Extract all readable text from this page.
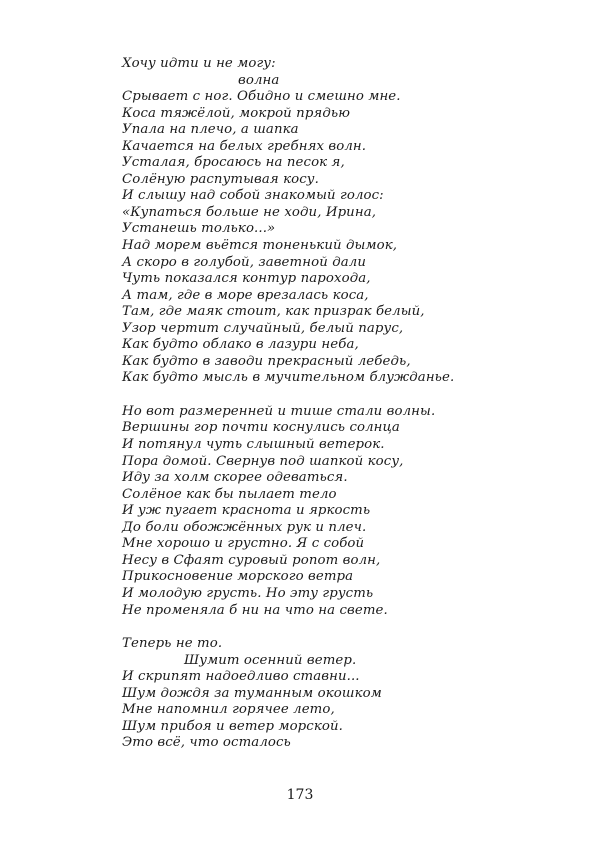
Хочу идти и не могу:
волна
Срывает с ног. Обидно и смешно мне.
Коса тяжёлой, мокрой прядью
Упала на плечо, а шапка
Качается на белых гребнях волн.
Усталая, бросаюсь на песок я,
Солёную распутывая косу.
И слышу над собой знакомый голос:
«Купаться больше не ходи, Ирина,
Устанешь только...»
Над морем вьётся тоненький дымок,
А скоро в голубой, заветной дали
Чуть показался контур парохода,
А там, где в море врезалась коса,
Там, где маяк стоит, как призрак белый,
Узор чертит случайный, белый парус,
Как будто облако в лазури неба,
Как будто в заводи прекрасный лебедь,
Как будто мысль в мучительном блужданье.
Но вот размеренней и тише стали волны.
Вершины гор почти коснулись солнца
И потянул чуть слышный ветерок.
Пора домой. Свернув под шапкой косу,
Иду за холм скорее одеваться.
Солёное как бы пылает тело
И уж пугает краснота и яркость
До боли обожжённых рук и плеч.
Мне хорошо и грустно. Я с собой
Несу в Сфаят суровый ропот волн,
Прикосновение морского ветра
И молодую грусть. Но эту грусть
Не променяла б ни на что на свете.
Теперь не то.
Шумит осенний ветер.
И скрипят надоедливо ставни...
Шум дождя за туманным окошком
Мне напомнил горячее лето,
Шум прибоя и ветер морской.
Это всё, что осталось
173
